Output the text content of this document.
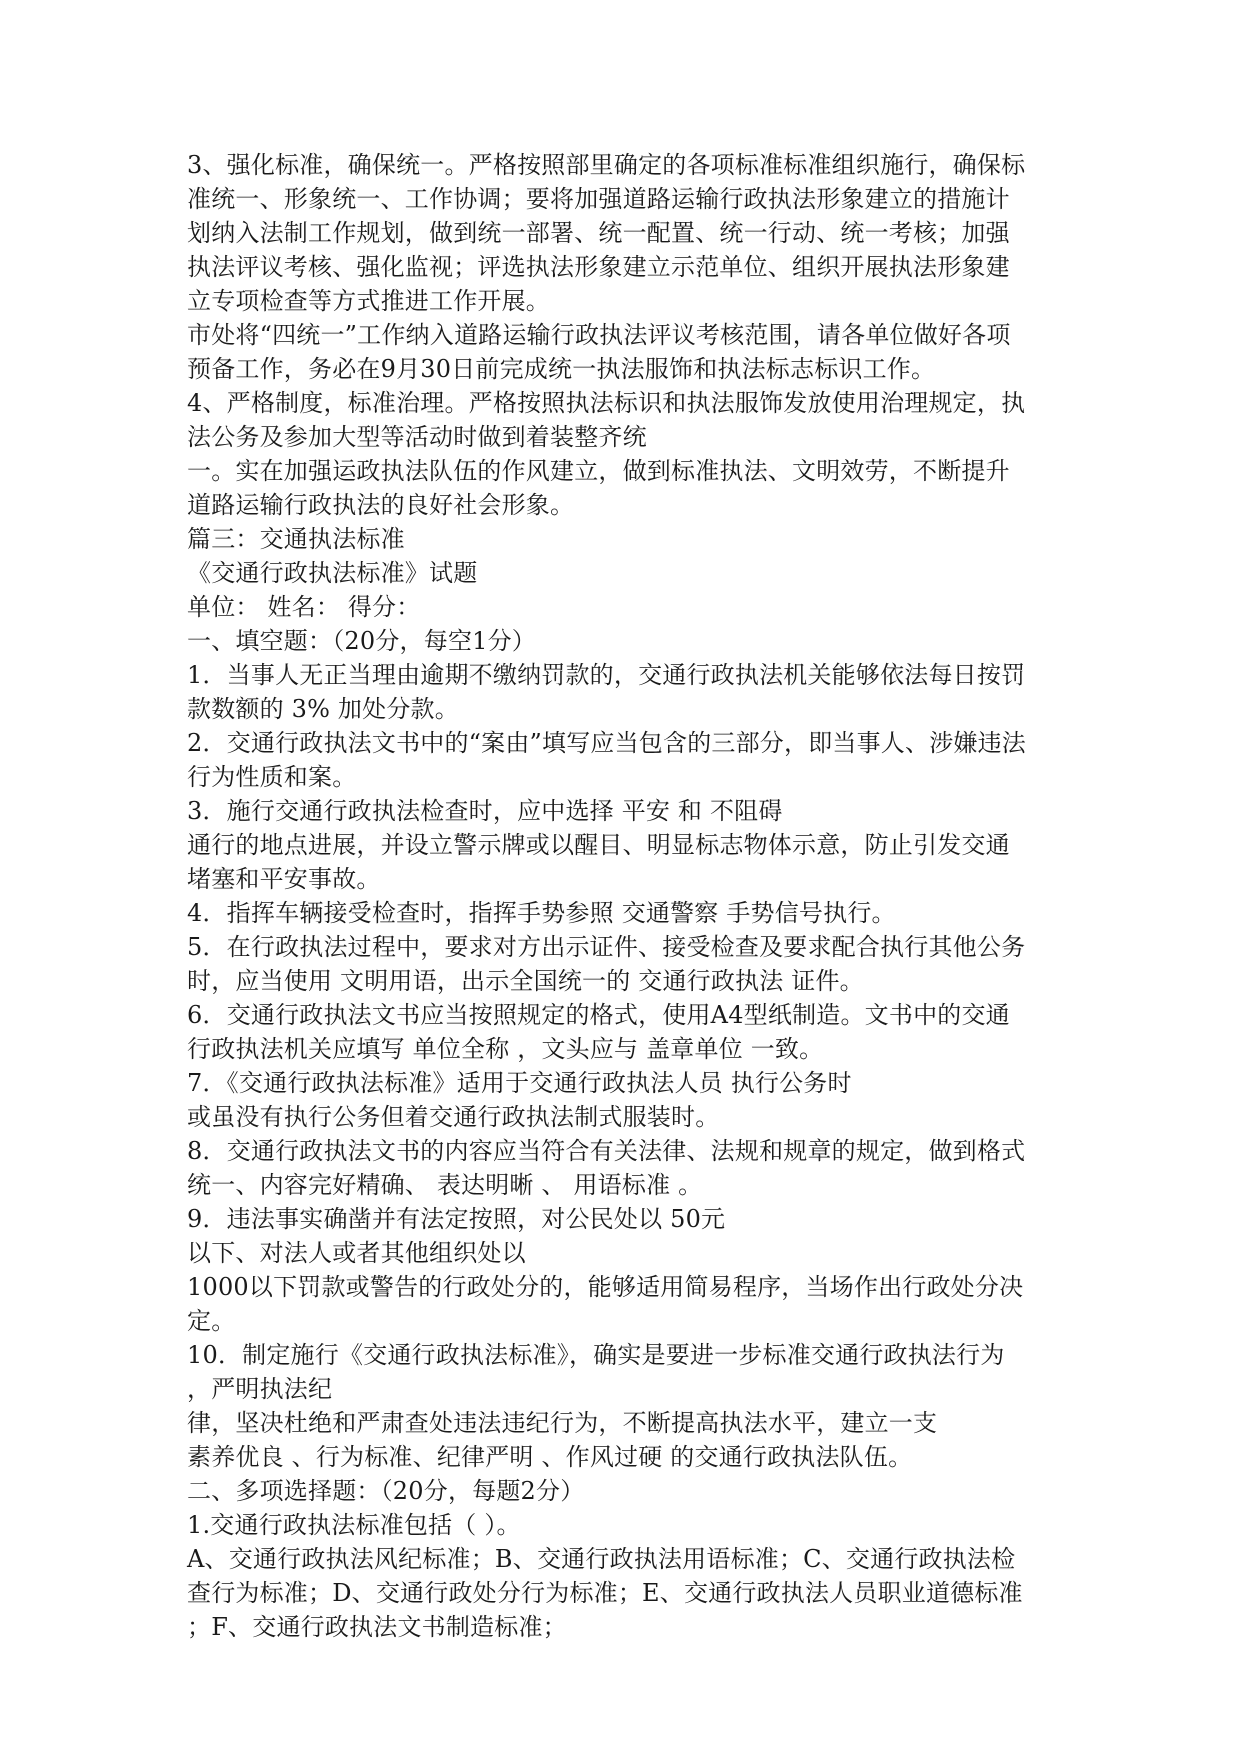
3、强化标准，确保统一。严格按照部里确定的各项标准标准组织施行，确保标
准统一、形象统一、工作协调；要将加强道路运输行政执法形象建立的措施计
划纳入法制工作规划，做到统一部署、统一配置、统一行动、统一考核；加强
执法评议考核、强化监视；评选执法形象建立示范单位、组织开展执法形象建
立专项检查等方式推进工作开展。
市处将“四统一”工作纳入道路运输行政执法评议考核范围，请各单位做好各项
预备工作，务必在9月30日前完成统一执法服饰和执法标志标识工作。
4、严格制度，标准治理。严格按照执法标识和执法服饰发放使用治理规定，执
法公务及参加大型等活动时做到着装整齐统
一。实在加强运政执法队伍的作风建立，做到标准执法、文明效劳，不断提升
道路运输行政执法的良好社会形象。
篇三：交通执法标准
《交通行政执法标准》试题
单位： 姓名： 得分：
一、填空题：（20分，每空1分）
1．当事人无正当理由逾期不缴纳罚款的，交通行政执法机关能够依法每日按罚
款数额的 3% 加处分款。
2．交通行政执法文书中的“案由”填写应当包含的三部分，即当事人、涉嫌违法
行为性质和案。
3．施行交通行政执法检查时，应中选择 平安 和 不阻碍
通行的地点进展，并设立警示牌或以醒目、明显标志物体示意，防止引发交通
堵塞和平安事故。
4．指挥车辆接受检查时，指挥手势参照 交通警察 手势信号执行。
5．在行政执法过程中，要求对方出示证件、接受检查及要求配合执行其他公务
时，应当使用 文明用语，出示全国统一的 交通行政执法 证件。
6．交通行政执法文书应当按照规定的格式，使用A4型纸制造。文书中的交通
行政执法机关应填写 单位全称 ，文头应与 盖章单位 一致。
7．《交通行政执法标准》适用于交通行政执法人员 执行公务时
或虽没有执行公务但着交通行政执法制式服装时。
8．交通行政执法文书的内容应当符合有关法律、法规和规章的规定，做到格式
统一、内容完好精确、 表达明晰 、 用语标准 。
9．违法事实确凿并有法定按照，对公民处以 50元
以下、对法人或者其他组织处以
1000以下罚款或警告的行政处分的，能够适用简易程序，当场作出行政处分决
定。
10．制定施行《交通行政执法标准》，确实是要进一步标准交通行政执法行为
，严明执法纪
律，坚决杜绝和严肃查处违法违纪行为，不断提高执法水平，建立一支
素养优良 、行为标准、纪律严明 、作风过硬 的交通行政执法队伍。
二、多项选择题：（20分，每题2分）
1.交通行政执法标准包括（ ）。
A、交通行政执法风纪标准；B、交通行政执法用语标准；C、交通行政执法检
查行为标准；D、交通行政处分行为标准；E、交通行政执法人员职业道德标准
；F、交通行政执法文书制造标准；
